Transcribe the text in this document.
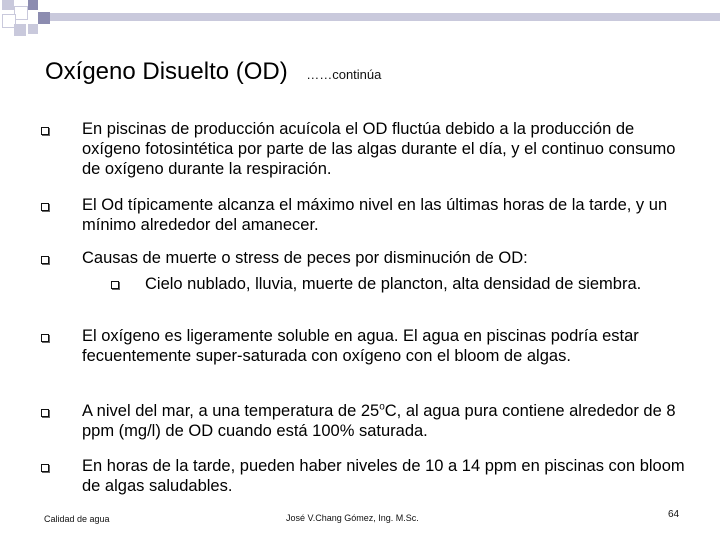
Oxígeno Disuelto (OD) ……continúa
En piscinas de producción acuícola el OD fluctúa debido a la producción de oxígeno fotosintética por parte de las algas durante el día, y el continuo consumo de oxígeno durante la respiración.
El Od típicamente alcanza el máximo nivel en las últimas horas de la tarde, y un mínimo alrededor del amanecer.
Causas de muerte o stress de peces por disminución de OD:
Cielo nublado, lluvia, muerte de plancton, alta densidad de siembra.
El oxígeno es ligeramente soluble en agua. El agua en piscinas podría estar fecuentemente super-saturada con oxígeno con el bloom de algas.
A nivel del mar, a una temperatura de 25$^o$C, al agua pura contiene alrededor de 8 ppm (mg/l) de OD cuando está 100% saturada.
En horas de la tarde, pueden haber niveles de 10 a 14 ppm en piscinas con bloom de algas saludables.
Calidad de agua	José V.Chang Gómez, Ing. M.Sc.	64
